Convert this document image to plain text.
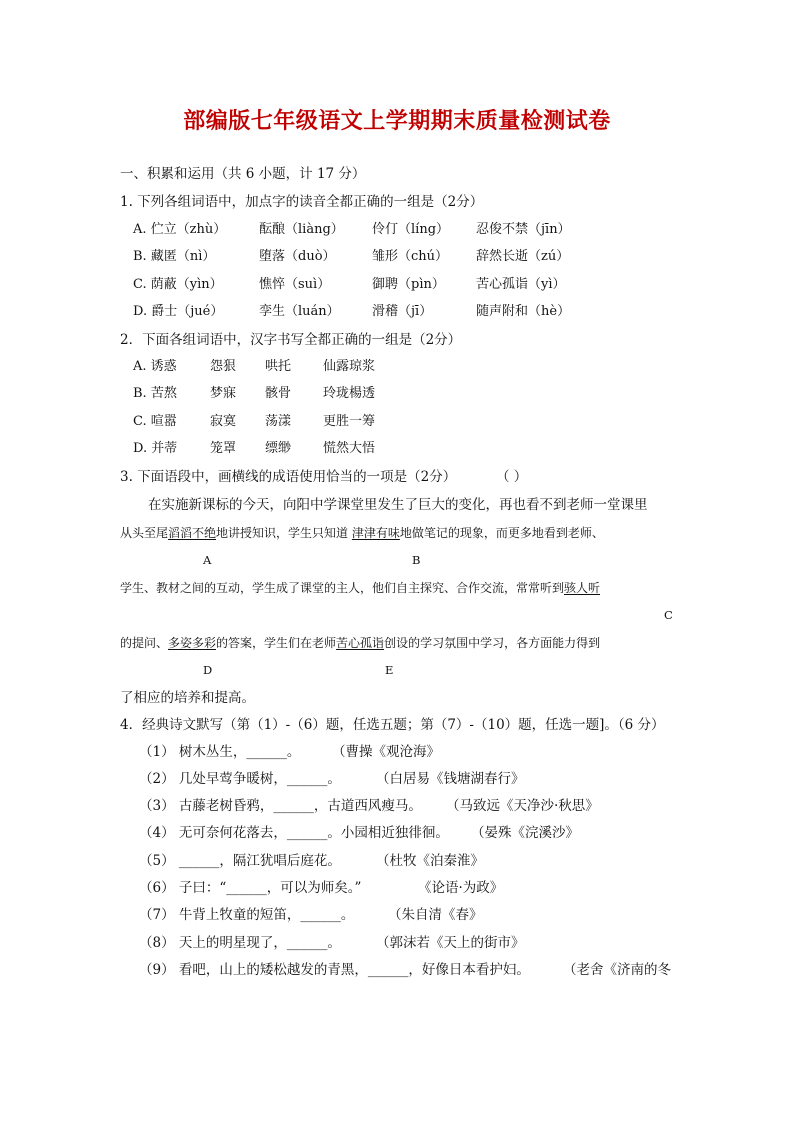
部编版七年级语文上学期期末质量检测试卷
一、积累和运用（共 6 小题，计 17 分）
1. 下列各组词语中，加点字的读音全都正确的一组是（2分）
A. 伫立（zhù）	酝酿（liàng） 伶仃（líng） 忍俊不禁（jīn）
B. 藏匿（nì）	堕落（duò）	雏形（chú） 辞然长逝（zú）
C. 荫蔽（yìn）	憔悴（suì）	御聘（pìn） 苦心孤诣（yì）
D. 爵士（jué）	孪生（luán） 滑稽（jī）	随声附和（hè）
2．下面各组词语中，汉字书写全都正确的一组是（2分）
A. 诱惑	怨狠 哄托 仙露琼浆
B. 苦熬	梦寐 骸骨 玲珑楊透
C. 喧嚣	寂寞 荡漾 更胜一筹
D. 并蒂	笼罩 缥缈 慌然大悟
3. 下面语段中，画横线的成语使用恰当的一项是（2分）	（ ）
在实施新课标的今天，向阳中学课堂里发生了巨大的变化，再也看不到老师一堂课里
从头至尾滔滔不绝地讲授知识，学生只知道 津津有味地做笔记的现象，而更多地看到老师、
A	B
学生、教材之间的互动，学生成了课堂的主人，他们自主探究、合作交流，常常听到骇人听
C
的提问、多姿多彩的答案，学生们在老师苦心孤诣创设的学习氛围中学习，各方面能力得到
D	E
了相应的培养和提高。
4．经典诗文默写（第（1）-（6）题，任选五题；第（7）-（10）题，任选一题]。（6 分）
（1） 树木丛生，______。 （曹操《观沧海》
（2） 几处早莺争暖树，______。	（白居易《钱塘湖春行》
（3） 古藤老树昏鸦，______，古道西风瘦马。 （马致远《天净沙·秋思》
（4） 无可奈何花落去，______。小园相近独徘徊。 （晏殊《浣溪沙》
（5） ______，隔江犹唱后庭花。	（杜牧《泊秦淮》
（6） 子曰：“______，可以为师矣。”	《论语·为政》
（7） 牛背上牧童的短笛，______。 （朱自清《春》
（8） 天上的明星现了，______。	（郭沫若《天上的街市》
（9） 看吧，山上的矮松越发的青黑，______，好像日本看护妇。 （老舍《济南的冬
